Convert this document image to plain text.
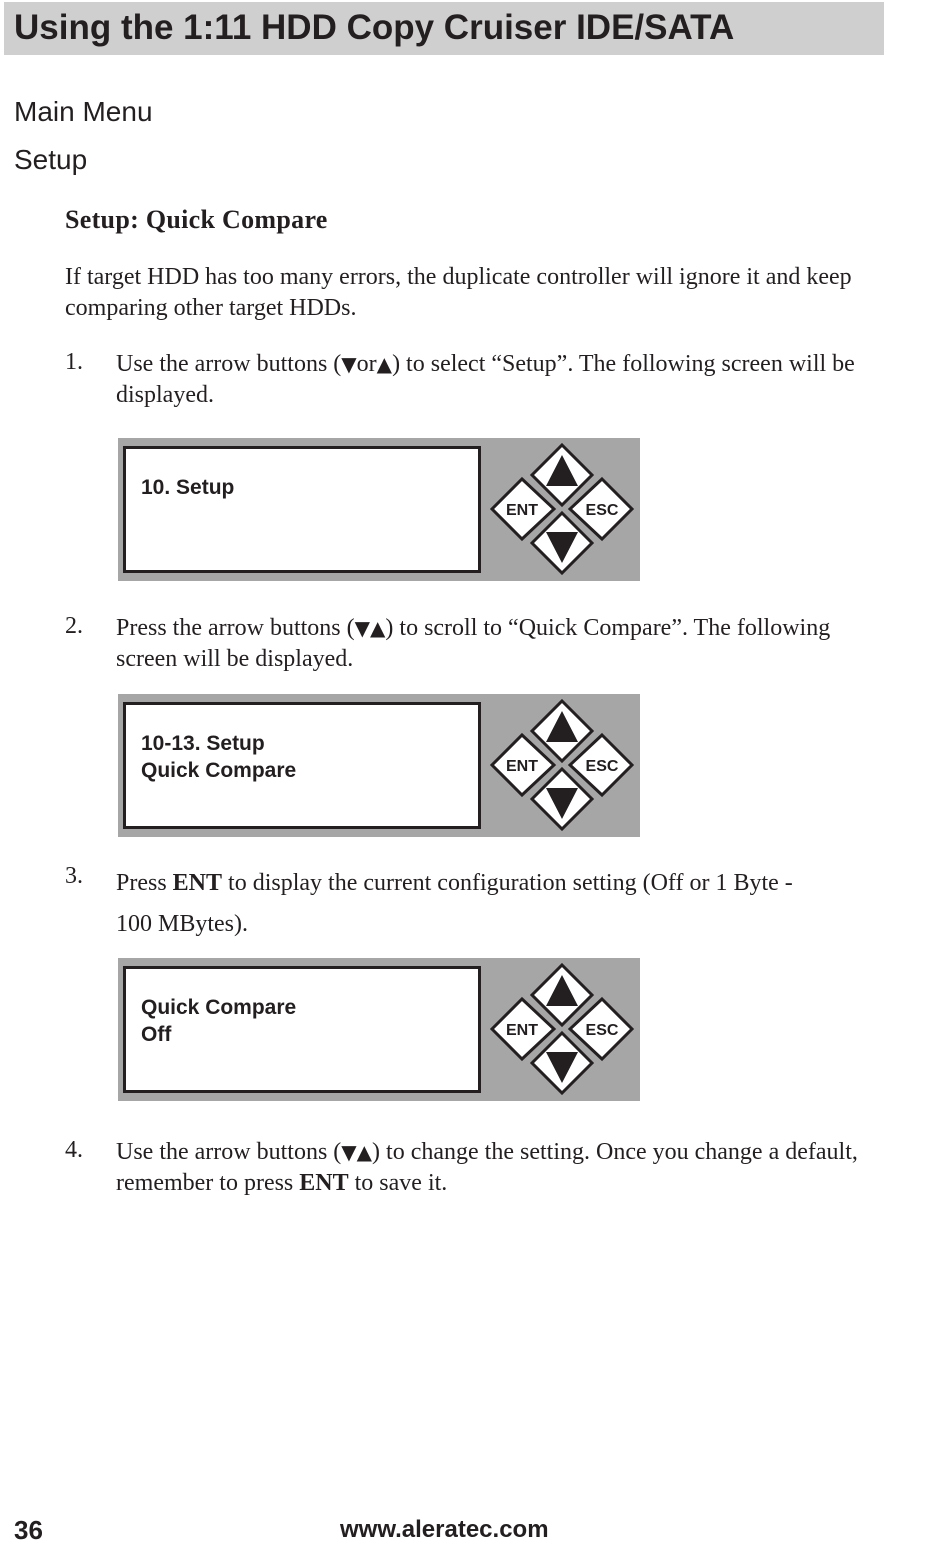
Using the 1:11 HDD Copy Cruiser IDE/SATA
Main Menu
Setup
Setup: Quick Compare
If target HDD has too many errors, the duplicate controller will ignore it and keep comparing other target HDDs.
1. Use the arrow buttons (▼or▲) to select “Setup”. The following screen will be displayed.
10. Setup
ENT	ESC
2. Press the arrow buttons (▼▲) to scroll to “Quick Compare”. The following screen will be displayed.
10-13. Setup
Quick Compare	ENT	ESC
3. Press ENT to display the current configuration setting (Off or 1 Byte -
100 MBytes).
Quick Compare
Off	ENT	ESC
4. Use the arrow buttons (▼▲) to change the setting. Once you change a default, remember to press ENT to save it.
36	www.aleratec.com
